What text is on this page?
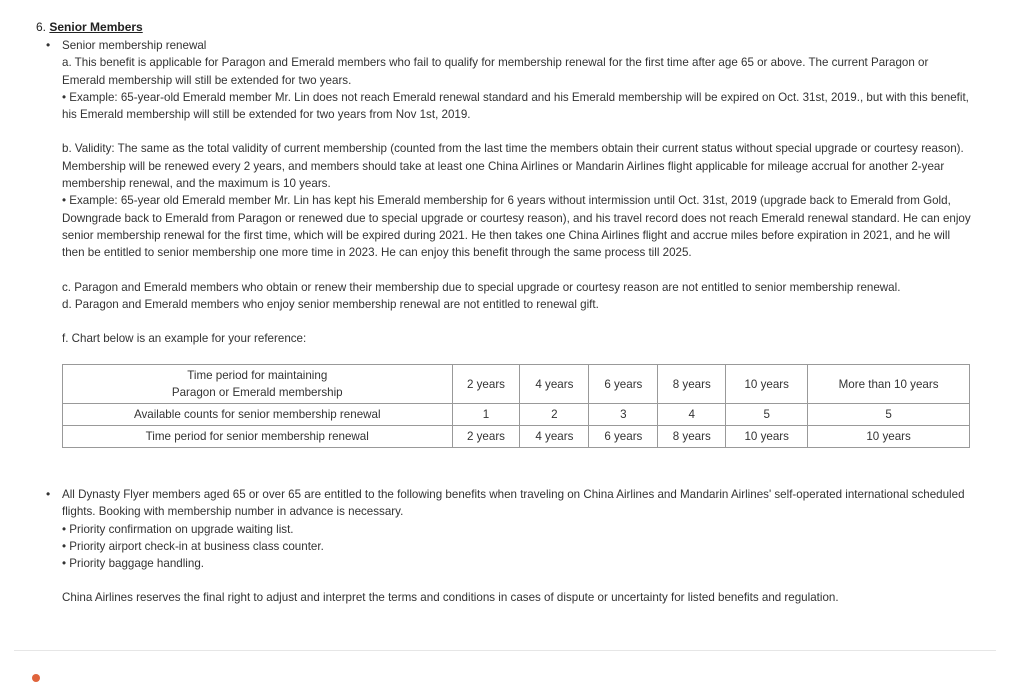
6. Senior Members
• Senior membership renewal

a. This benefit is applicable for Paragon and Emerald members who fail to qualify for membership renewal for the first time after age 65 or above. The current Paragon or Emerald membership will still be extended for two years.

• Example: 65-year-old Emerald member Mr. Lin does not reach Emerald renewal standard and his Emerald membership will be expired on Oct. 31st, 2019., but with this benefit, his Emerald membership will still be extended for two years from Nov 1st, 2019.

b. Validity: The same as the total validity of current membership (counted from the last time the members obtain their current status without special upgrade or courtesy reason). Membership will be renewed every 2 years, and members should take at least one China Airlines or Mandarin Airlines flight applicable for mileage accrual for another 2-year membership renewal, and the maximum is 10 years.

• Example: 65-year old Emerald member Mr. Lin has kept his Emerald membership for 6 years without intermission until Oct. 31st, 2019 (upgrade back to Emerald from Gold, Downgrade back to Emerald from Paragon or renewed due to special upgrade or courtesy reason), and his travel record does not reach Emerald renewal standard. He can enjoy senior membership renewal for the first time, which will be expired during 2021. He then takes one China Airlines flight and accrue miles before expiration in 2021, and he will then be entitled to senior membership one more time in 2023. He can enjoy this benefit through the same process till 2025.

c. Paragon and Emerald members who obtain or renew their membership due to special upgrade or courtesy reason are not entitled to senior membership renewal.

d. Paragon and Emerald members who enjoy senior membership renewal are not entitled to renewal gift.

f. Chart below is an example for your reference:

Time period for maintaining
Paragon or Emerald membership	2 years	4 years	6 years	8 years	10 years	More than 10 years
Available counts for senior membership renewal	1	2	3	4	5	5
Time period for senior membership renewal	2 years	4 years	6 years	8 years	10 years	10 years
• All Dynasty Flyer members aged 65 or over 65 are entitled to the following benefits when traveling on China Airlines and Mandarin Airlines' self-operated international scheduled flights. Booking with membership number in advance is necessary.

• Priority confirmation on upgrade waiting list.

• Priority airport check-in at business class counter.

• Priority baggage handling.

China Airlines reserves the final right to adjust and interpret the terms and conditions in cases of dispute or uncertainty for listed benefits and regulation.
